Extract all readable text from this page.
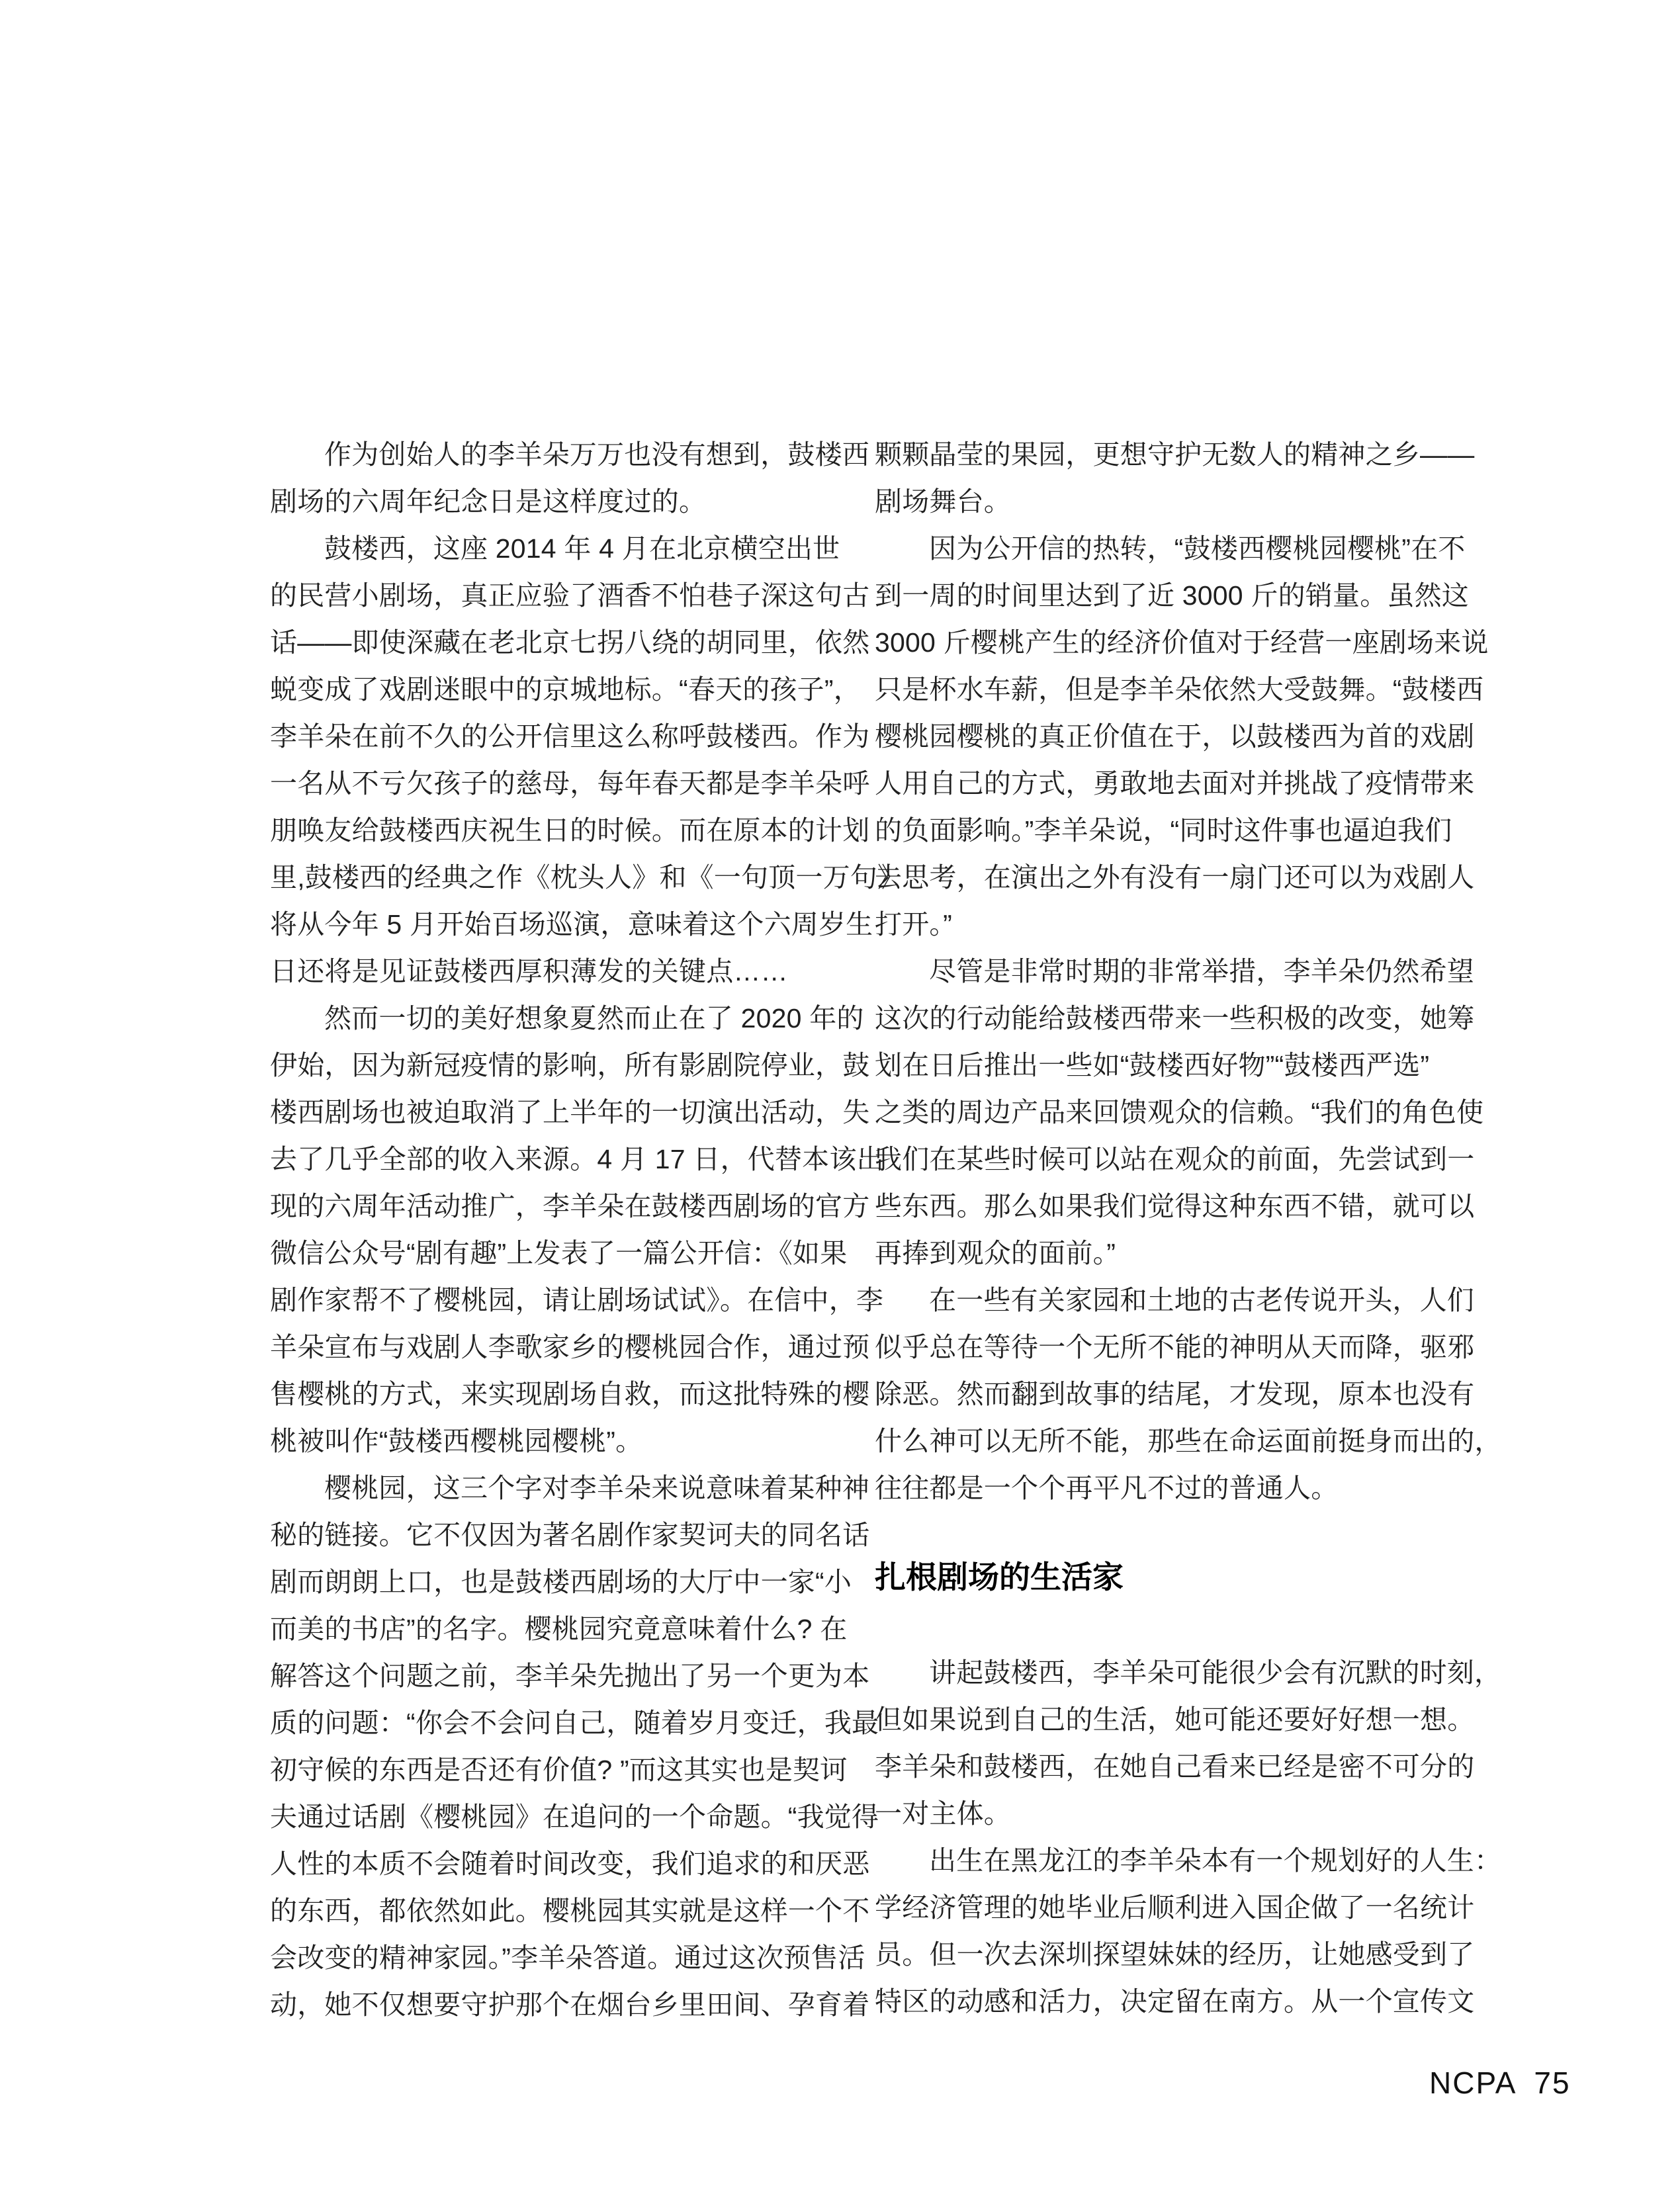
作为创始人的李羊朵万万也没有想到，鼓楼西
剧场的六周年纪念日是这样度过的。
鼓楼西，这座 2014 年 4 月在北京横空出世
的民营小剧场，真正应验了酒香不怕巷子深这句古
话——即使深藏在老北京七拐八绕的胡同里，依然
蜕变成了戏剧迷眼中的京城地标。“春天的孩子”，
李羊朵在前不久的公开信里这么称呼鼓楼西。作为
一名从不亏欠孩子的慈母，每年春天都是李羊朵呼
朋唤友给鼓楼西庆祝生日的时候。而在原本的计划
里,鼓楼西的经典之作《枕头人》和《一句顶一万句》
将从今年 5 月开始百场巡演，意味着这个六周岁生
日还将是见证鼓楼西厚积薄发的关键点……
然而一切的美好想象夏然而止在了 2020 年的
伊始，因为新冠疫情的影响，所有影剧院停业，鼓
楼西剧场也被迫取消了上半年的一切演出活动，失
去了几乎全部的收入来源。4 月 17 日，代替本该出
现的六周年活动推广，李羊朵在鼓楼西剧场的官方
微信公众号“剧有趣”上发表了一篇公开信：《如果
剧作家帮不了樱桃园，请让剧场试试》。在信中，李
羊朵宣布与戏剧人李歌家乡的樱桃园合作，通过预
售樱桃的方式，来实现剧场自救，而这批特殊的樱
桃被叫作“鼓楼西樱桃园樱桃”。
樱桃园，这三个字对李羊朵来说意味着某种神
秘的链接。它不仅因为著名剧作家契诃夫的同名话
剧而朗朗上口，也是鼓楼西剧场的大厅中一家“小
而美的书店”的名字。樱桃园究竟意味着什么? 在
解答这个问题之前，李羊朵先抛出了另一个更为本
质的问题：“你会不会问自己，随着岁月变迁，我最
初守候的东西是否还有价值? ”而这其实也是契诃
夫通过话剧《樱桃园》在追问的一个命题。“我觉得
人性的本质不会随着时间改变，我们追求的和厌恶
的东西，都依然如此。樱桃园其实就是这样一个不
会改变的精神家园。”李羊朵答道。通过这次预售活
动，她不仅想要守护那个在烟台乡里田间、孕育着
颗颗晶莹的果园，更想守护无数人的精神之乡——
剧场舞台。
因为公开信的热转，“鼓楼西樱桃园樱桃”在不
到一周的时间里达到了近 3000 斤的销量。虽然这
3000 斤樱桃产生的经济价值对于经营一座剧场来说
只是杯水车薪，但是李羊朵依然大受鼓舞。“鼓楼西
樱桃园樱桃的真正价值在于，以鼓楼西为首的戏剧
人用自己的方式，勇敢地去面对并挑战了疫情带来
的负面影响。”李羊朵说，“同时这件事也逼迫我们
去思考，在演出之外有没有一扇门还可以为戏剧人
打开。”
尽管是非常时期的非常举措，李羊朵仍然希望
这次的行动能给鼓楼西带来一些积极的改变，她筹
划在日后推出一些如“鼓楼西好物”“鼓楼西严选”
之类的周边产品来回馈观众的信赖。“我们的角色使
我们在某些时候可以站在观众的前面，先尝试到一
些东西。那么如果我们觉得这种东西不错，就可以
再捧到观众的面前。”
在一些有关家园和土地的古老传说开头，人们
似乎总在等待一个无所不能的神明从天而降，驱邪
除恶。然而翻到故事的结尾，才发现，原本也没有
什么神可以无所不能，那些在命运面前挺身而出的，
往往都是一个个再平凡不过的普通人。
扎根剧场的生活家
讲起鼓楼西，李羊朵可能很少会有沉默的时刻，
但如果说到自己的生活，她可能还要好好想一想。
李羊朵和鼓楼西，在她自己看来已经是密不可分的
一对主体。
出生在黑龙江的李羊朵本有一个规划好的人生：
学经济管理的她毕业后顺利进入国企做了一名统计
员。但一次去深圳探望妹妹的经历，让她感受到了
特区的动感和活力，决定留在南方。从一个宣传文
NCPA 75
